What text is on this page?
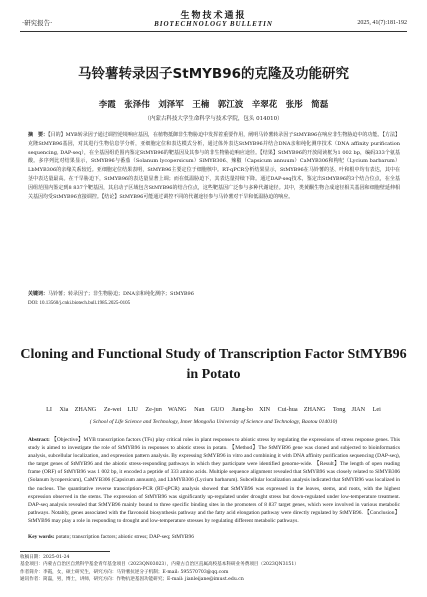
生物技术通报
·研究报告·	BIOTECHNOLOGY BULLETIN	2025, 41(7):181-192
马铃薯转录因子StMYB96的克隆及功能研究
李霞　张泽伟　刘泽军　王楠　郭江波　辛翠花　张彤　简磊
（内蒙古科技大学生命科学与技术学院，包头 014010）
摘　要：【目的】MYB转录因子通过调控逆境响应基因，在植物抵御非生物胁迫中发挥着重要作用，阐明马铃薯转录因子StMYB96在响应非生物胁迫中的功能。【方法】克隆StMYB96基因，对其进行生物信息学分析，亚细胞定位和表达模式分析，通过体外表达StMYB96并结合DNA亲和纯化测序技术（DNA affinity purification sequencing, DAP-seq），在全基因组范围内鉴定StMYB96的靶基因及其参与的非生物胁迫响应途径。【结果】StMYB96的开放阅读框为1 002 bp，编码333个氨基酸。多序列比对结果显示，StMYB96与番茄（Solanum lycopersicum）SlMYB306、辣椒（Capsicum annuum）CaMYB306和枸杞（Lycium barbarum）LbMYB306的亲缘关系较近。亚细胞定位结果表明，StMYB96主要定位于细胞核中。RT-qPCR分析结果显示，StMYB96在马铃薯的茎、叶和根中均有表达，其中在茎中表达量最高。在干旱胁迫下，StMYB96的表达量显著上调；而在低温胁迫下，其表达量持续下降。通过DAP-seq技术，鉴定出StMYB96的3个结合位点，在全基因组范围内鉴定到8 837个靶基因，其启动子区域包含StMYB96的结合位点，这些靶基因广泛参与多种代谢途径。其中，类黄酮生物合成途径相关基因和细胞壁延伸相关基因均受StMYB96直接调控。【结论】StMYB96可能通过调控不同的代谢途径参与马铃薯对干旱和低温胁迫的响应。
关键词：马铃薯；转录因子；非生物胁迫；DNA亲和纯化测序；StMYB96
DOI: 10.13560/j.cnki.biotech.bull.1985.2025-0105
Cloning and Functional Study of Transcription Factor StMYB96 in Potato
LI Xia　ZHANG Ze-wei　LIU Ze-jun　WANG Nan　GUO Jiang-bo　XIN Cui-hua　ZHANG Tong　JIAN Lei
( School of Life Science and Technology, Inner Mongolia University of Science and Technology, Baotou 014010)
Abstract: 【Objective】MYB transcription factors (TFs) play critical roles in plant responses to abiotic stress by regulating the expressions of stress response genes. This study is aimed to investigate the role of StMYB96 in responses to abiotic stress in potato. 【Method】The StMYB96 gene was cloned and subjected to bioinformatics analysis, subcellular localization, and expression pattern analysis. By expressing StMYB96 in vitro and combining it with DNA affinity purification sequencing (DAP-seq), the target genes of StMYB96 and the abiotic stress-responding pathways in which they participate were identified genome-wide. 【Result】The length of open reading frame (ORF) of StMYB96 was 1 002 bp, it encoded a peptide of 333 amino acids. Multiple sequence alignment revealed that StMYB96 was closely related to SlMYB306 (Solanum lycopersicum), CaMYB306 (Capsicum annuum), and LbMYB306 (Lycium barbarum). Subcellular localization analysis indicated that StMYB96 was localized in the nucleus. The quantitative reverse transcription-PCR (RT-qPCR) analysis showed that StMYB96 was expressed in the leaves, stems, and roots, with the highest expression observed in the stems. The expression of StMYB96 was significantly up-regulated under drought stress but down-regulated under low-temperature treatment. DAP-seq analysis revealed that StMYB96 mainly bound to three specific binding sites in the promoters of 8 837 target genes, which were involved in various metabolic pathways. Notably, genes associated with the flavonoid biosynthesis pathway and the fatty acid elongation pathway were directly regulated by StMYB96. 【Conclusion】StMYB96 may play a role in responding to drought and low-temperature stresses by regulating different metabolic pathways.
Key words: potato; transcription factors; abiotic stress; DAP-seq; StMYB96
收稿日期：2025-01-24
基金项目：内蒙古自治区自然科学基金青年基金项目（2023QN03023），内蒙古自治区直属高校基本科研业务费项目（2023QN3151）
作者简介：李霞，女，硕士研究生，研究方向：马铃薯抗逆分子机制；E-mail: 595570703@qq.com
通讯作者：简磊，男，博士，讲师，研究方向：作物抗逆基因功能研究；E-mail: jianleijane@imust.edu.cn
